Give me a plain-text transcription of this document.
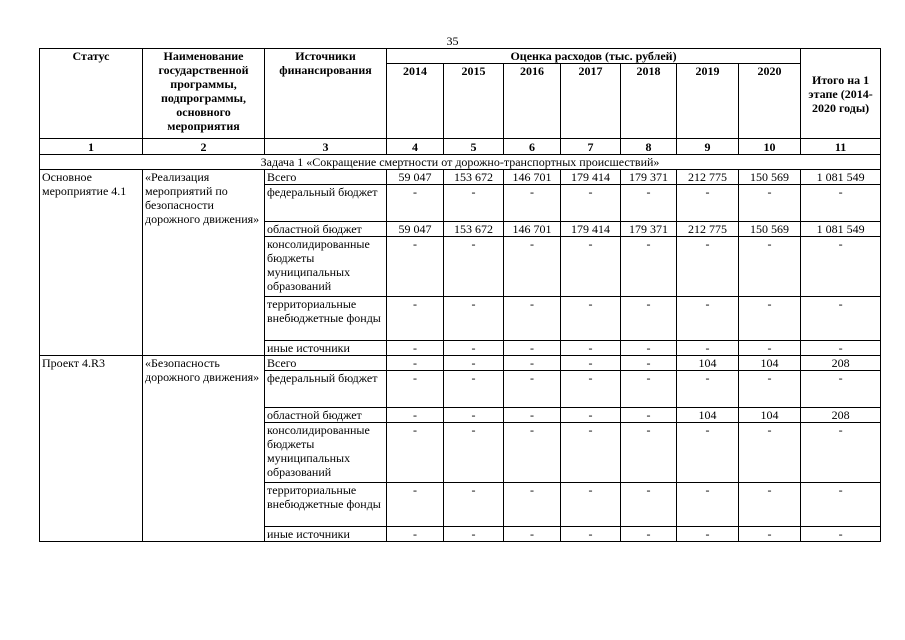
35
Статус	Наименование государственной программы, подпрограммы, основного мероприятия	Источники финансирования	Оценка расходов (тыс. рублей)							Итого на 1 этапе (2014-2020 годы)
			2014	2015	2016	2017	2018	2019	2020	
1	2	3	4	5	6	7	8	9	10	11
Задача 1 «Сокращение смертности от дорожно-транспортных происшествий»										
Основное мероприятие 4.1	«Реализация мероприятий по безопасности дорожного движения»	Всего	59 047	153 672	146 701	179 414	179 371	212 775	150 569	1 081 549
		федеральный бюджет	-	-	-	-	-	-	-	-
		областной бюджет	59 047	153 672	146 701	179 414	179 371	212 775	150 569	1 081 549
		консолидированные бюджеты муниципальных образований	-	-	-	-	-	-	-	-
		территориальные внебюджетные фонды	-	-	-	-	-	-	-	-
		иные источники	-	-	-	-	-	-	-	-
Проект 4.R3	«Безопасность дорожного движения»	Всего	-	-	-	-	-	104	104	208
		федеральный бюджет	-	-	-	-	-	-	-	-
		областной бюджет	-	-	-	-	-	104	104	208
		консолидированные бюджеты муниципальных образований	-	-	-	-	-	-	-	-
		территориальные внебюджетные фонды	-	-	-	-	-	-	-	-
		иные источники	-	-	-	-	-	-	-	-
